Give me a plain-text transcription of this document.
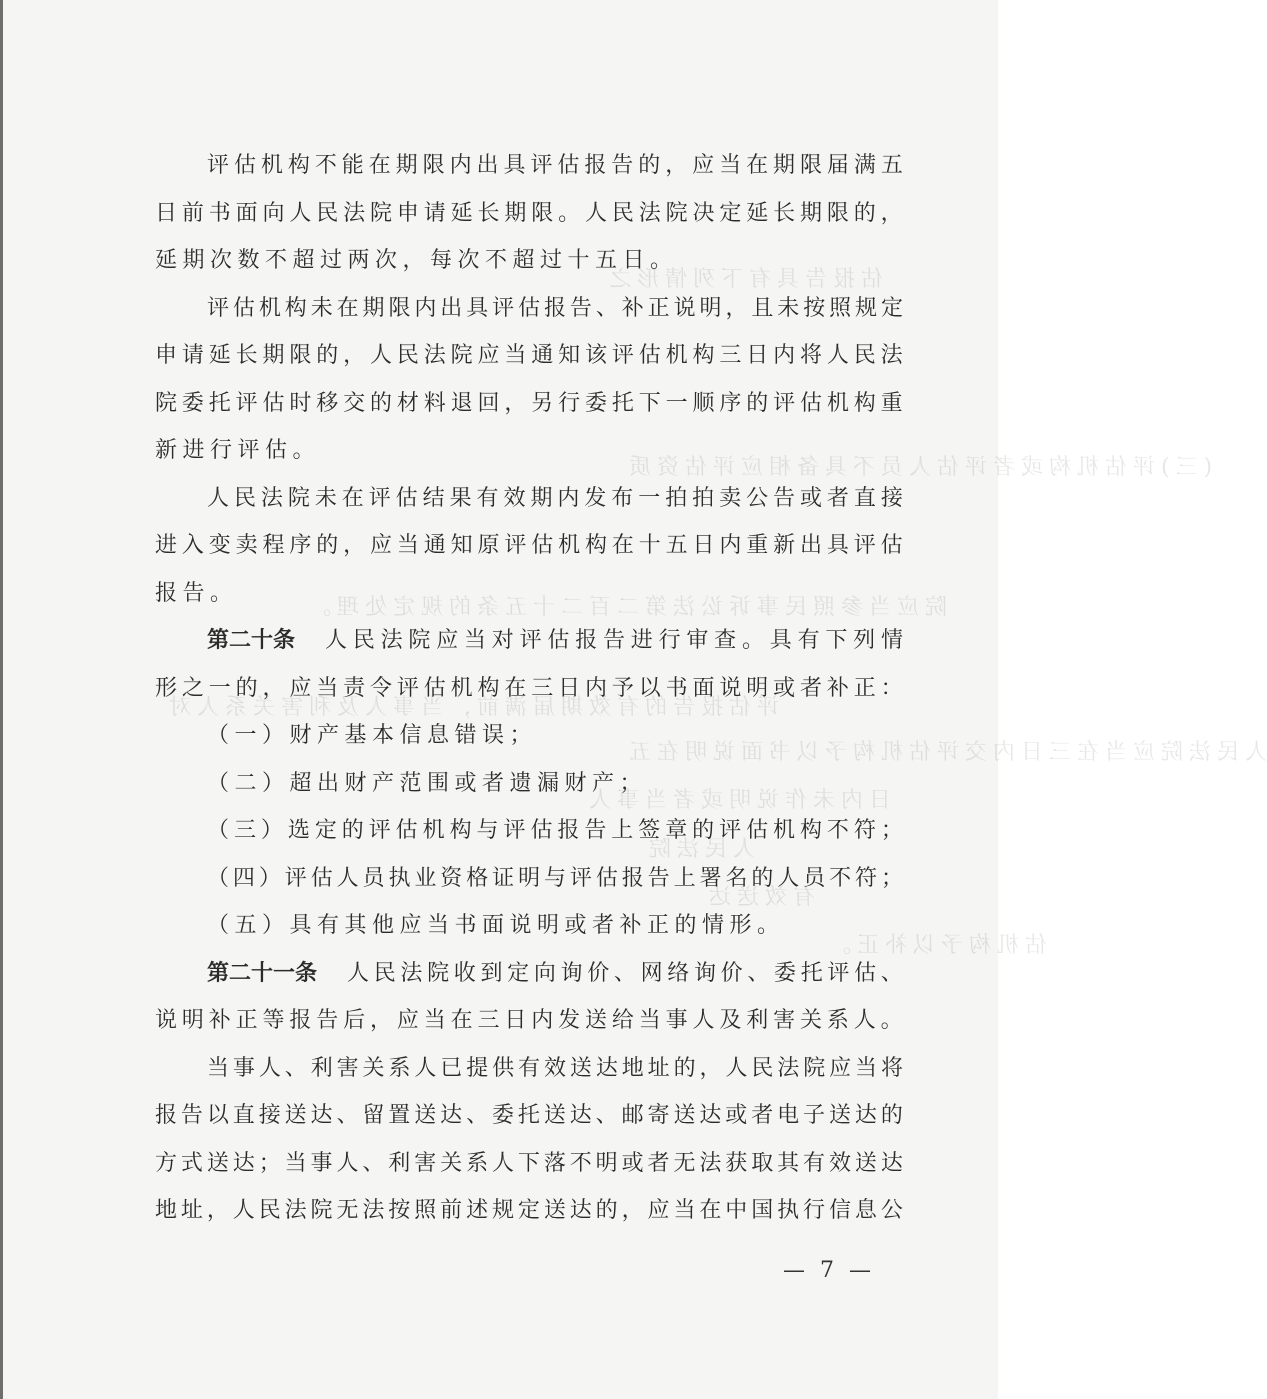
估报告具有下列情形之
(三)评估机构或者评估人员不具备相应评估资质
院应当参照民事诉讼法第二百二十五条的规定处理。
评估报告的有效期届满前，当事人及利害关系人对
人民法院应当在三日内交评估机构予以书面说明在五
日内未作说明或者当事人
人民法院
有效送达
估机构予以补正。
评 估 机 构 不 能 在 期 限 内 出 具 评 估 报 告 的 ， 应 当 在 期 限 届 满 五
日 前 书 面 向 人 民 法 院 申 请 延 长 期 限 。 人 民 法 院 决 定 延 长 期 限 的 ，
延期次数不超过两次，每次不超过十五日。
评 估 机 构 未 在 期 限 内 出 具 评 估 报 告 、 补 正 说 明 ， 且 未 按 照 规 定
申 请 延 长 期 限 的 ， 人 民 法 院 应 当 通 知 该 评 估 机 构 三 日 内 将 人 民 法
院 委 托 评 估 时 移 交 的 材 料 退 回 ， 另 行 委 托 下 一 顺 序 的 评 估 机 构 重
新进行评估。
人 民 法 院 未 在 评 估 结 果 有 效 期 内 发 布 一 拍 拍 卖 公 告 或 者 直 接
进 入 变 卖 程 序 的 ， 应 当 通 知 原 评 估 机 构 在 十 五 日 内 重 新 出 具 评 估
报告。
第二十条 人 民 法 院 应 当 对 评 估 报 告 进 行 审 查 。 具 有 下 列 情
形 之 一 的 ， 应 当 责 令 评 估 机 构 在 三 日 内 予 以 书 面 说 明 或 者 补 正 ：
（一）财产基本信息错误；
（二）超出财产范围或者遗漏财产；
（ 三 ） 选 定 的 评 估 机 构 与 评 估 报 告 上 签 章 的 评 估 机 构 不 符 ；
（ 四 ） 评 估 人 员 执 业 资 格 证 明 与 评 估 报 告 上 署 名 的 人 员 不 符 ；
（五）具有其他应当书面说明或者补正的情形。
第二十一条 人 民 法 院 收 到 定 向 询 价 、 网 络 询 价 、 委 托 评 估 、
说 明 补 正 等 报 告 后 ， 应 当 在 三 日 内 发 送 给 当 事 人 及 利 害 关 系 人 。
当 事 人 、 利 害 关 系 人 已 提 供 有 效 送 达 地 址 的 ， 人 民 法 院 应 当 将
报 告 以 直 接 送 达 、 留 置 送 达 、 委 托 送 达 、 邮 寄 送 达 或 者 电 子 送 达 的
方 式 送 达 ； 当 事 人 、 利 害 关 系 人 下 落 不 明 或 者 无 法 获 取 其 有 效 送 达
地 址 ， 人 民 法 院 无 法 按 照 前 述 规 定 送 达 的 ， 应 当 在 中 国 执 行 信 息 公
— 7 —
